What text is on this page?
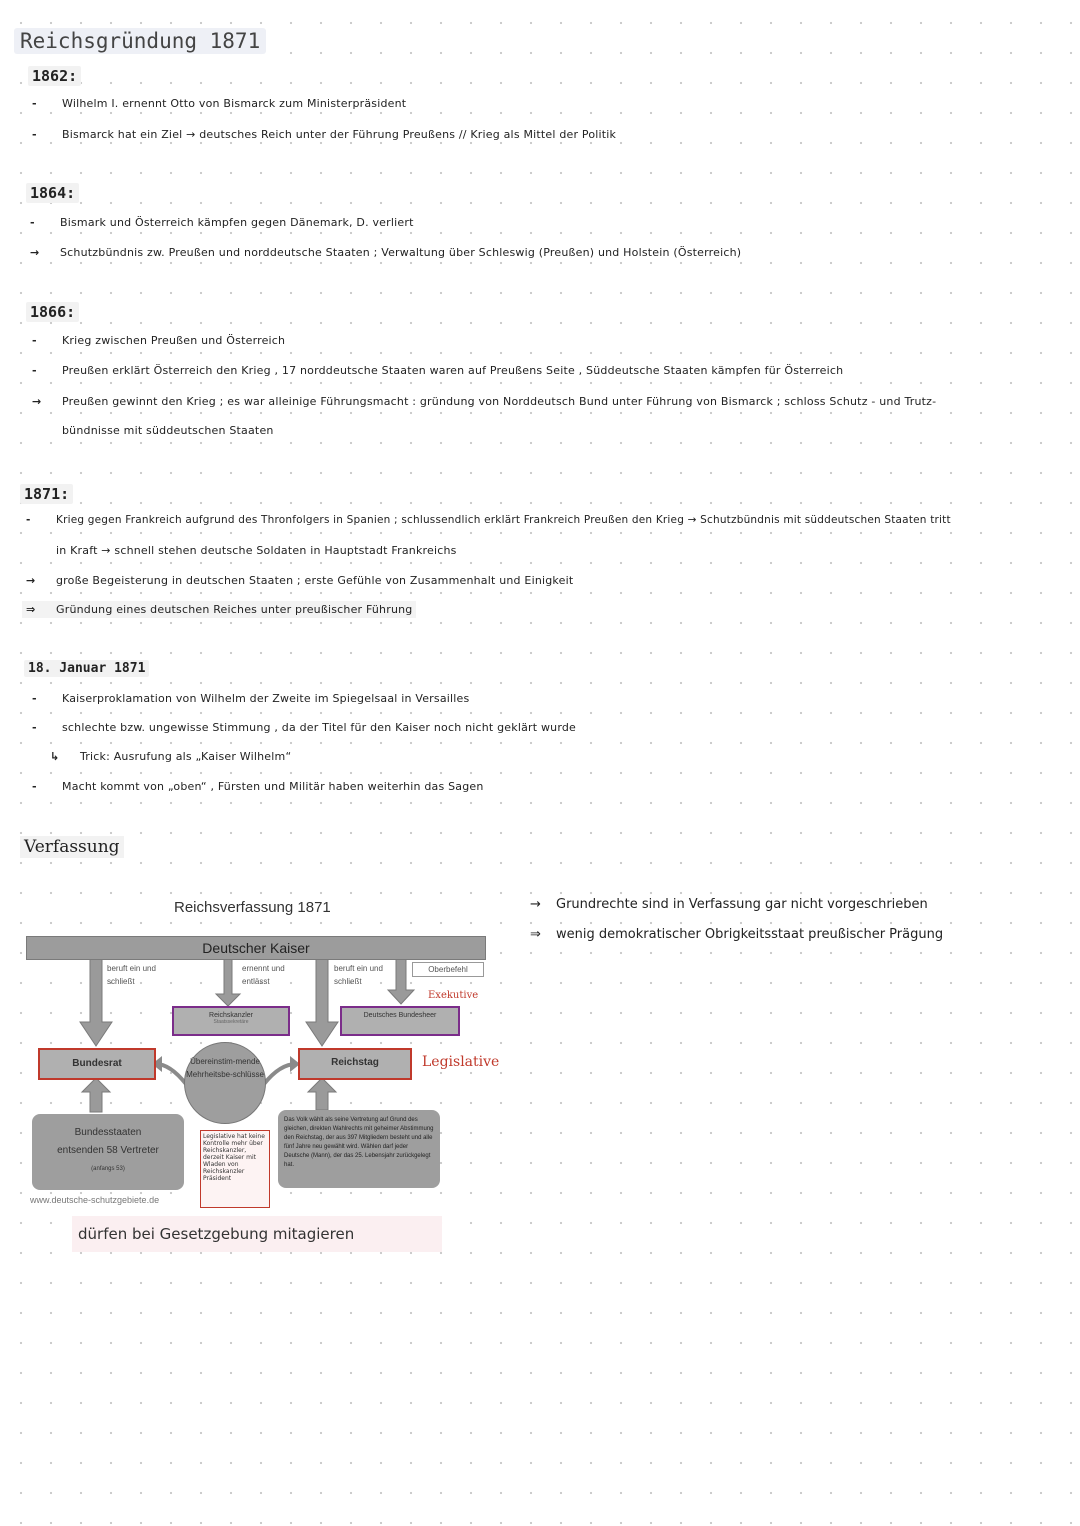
Reichsgründung 1871
1862:
- Wilhelm I. ernennt Otto von Bismarck zum Ministerpräsident
- Bismarck hat ein Ziel → deutsches Reich unter der Führung Preußens // Krieg als Mittel der Politik
1864:
- Bismark und Österreich kämpfen gegen Dänemark, D. verliert
→ Schutzbündnis zw. Preußen und norddeutsche Staaten ; Verwaltung über Schleswig (Preußen) und Holstein (Österreich)
1866:
- Krieg zwischen Preußen und Österreich
- Preußen erklärt Österreich den Krieg , 17 norddeutsche Staaten waren auf Preußens Seite , Süddeutsche Staaten kämpfen für Österreich
→ Preußen gewinnt den Krieg ; es war alleinige Führungsmacht : gründung von Norddeutsch Bund unter Führung von Bismarck ; schloss Schutz - und Trutz-
bündnisse mit süddeutschen Staaten
1871:
- Krieg gegen Frankreich aufgrund des Thronfolgers in Spanien ; schlussendlich erklärt Frankreich Preußen den Krieg → Schutzbündnis mit süddeutschen Staaten tritt
in Kraft → schnell stehen deutsche Soldaten in Hauptstadt Frankreichs
→ große Begeisterung in deutschen Staaten ; erste Gefühle von Zusammenhalt und Einigkeit
⇒ Gründung eines deutschen Reiches unter preußischer Führung
18. Januar 1871
- Kaiserproklamation von Wilhelm der Zweite im Spiegelsaal in Versailles
- schlechte bzw. ungewisse Stimmung , da der Titel für den Kaiser noch nicht geklärt wurde
↳ Trick: Ausrufung als „Kaiser Wilhelm“
- Macht kommt von „oben“ , Fürsten und Militär haben weiterhin das Sagen
Verfassung
Reichsverfassung 1871
Deutscher Kaiser
beruft ein und schließt
ernennt und entlässt
beruft ein und schließt
Oberbefehl
Exekutive
Reichskanzler
Staatssekretäre
Deutsches Bundesheer
Bundesrat	Reichstag	Legislative
Übereinstim-mende Mehrheitsbe-schlüsse
Bundesstaaten
entsenden 58 Vertreter
(anfangs 53)
Das Volk wählt als seine Vertretung auf Grund des gleichen, direkten Wahlrechts mit geheimer Abstimmung den Reichstag, der aus 397 Mitgliedern besteht und alle fünf Jahre neu gewählt wird. Wählen darf jeder Deutsche (Mann), der das 25. Lebensjahr zurückgelegt hat.
Legislative hat keine Kontrolle mehr über Reichskanzler, derzeit Kaiser mit Wladen von Reichskanzler Präsident
www.deutsche-schutzgebiete.de
dürfen bei Gesetzgebung mitagieren
→ Grundrechte sind in Verfassung gar nicht vorgeschrieben
⇒ wenig demokratischer Obrigkeitsstaat preußischer Prägung
